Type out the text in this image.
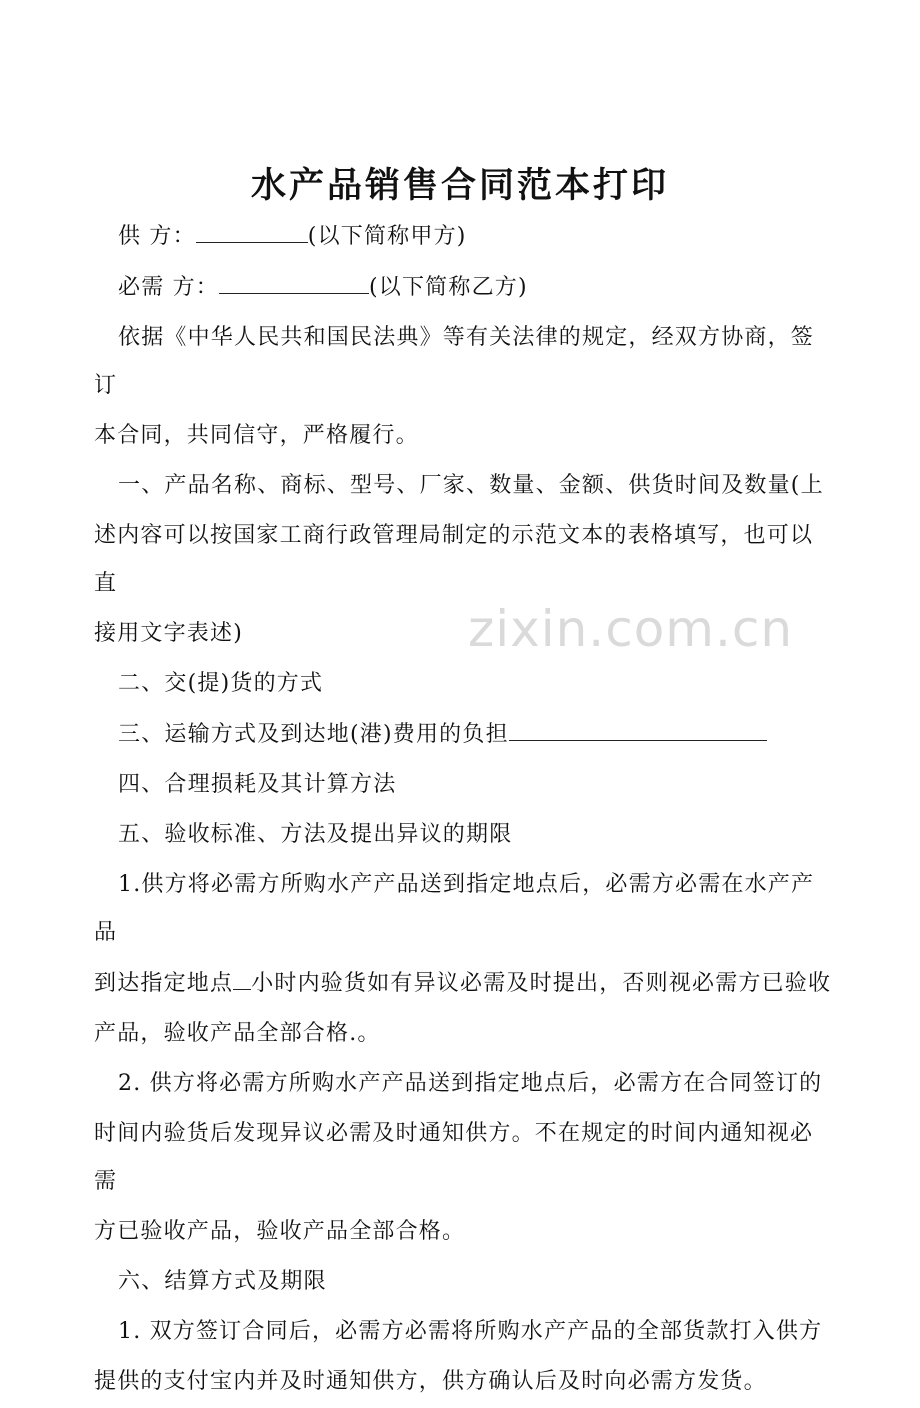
水产品销售合同范本打印

供 方：	(以下简称甲方)

必需 方：	(以下简称乙方)

依据《中华人民共和国民法典》等有关法律的规定，经双方协商，签订

本合同，共同信守，严格履行。

一、产品名称、商标、型号、厂家、数量、金额、供货时间及数量(上

述内容可以按国家工商行政管理局制定的示范文本的表格填写，也可以直

接用文字表述)

二、交(提)货的方式

三、运输方式及到达地(港)费用的负担

四、合理损耗及其计算方法

五、验收标准、方法及提出异议的期限

1.供方将必需方所购水产产品送到指定地点后，必需方必需在水产产品

到达指定地点 小时内验货如有异议必需及时提出，否则视必需方已验收

产品，验收产品全部合格.。

2. 供方将必需方所购水产产品送到指定地点后，必需方在合同签订的

时间内验货后发现异议必需及时通知供方。不在规定的时间内通知视必需

方已验收产品，验收产品全部合格。

六、结算方式及期限

1. 双方签订合同后，必需方必需将所购水产产品的全部货款打入供方

提供的支付宝内并及时通知供方，供方确认后及时向必需方发货。

zixin.com.cn
